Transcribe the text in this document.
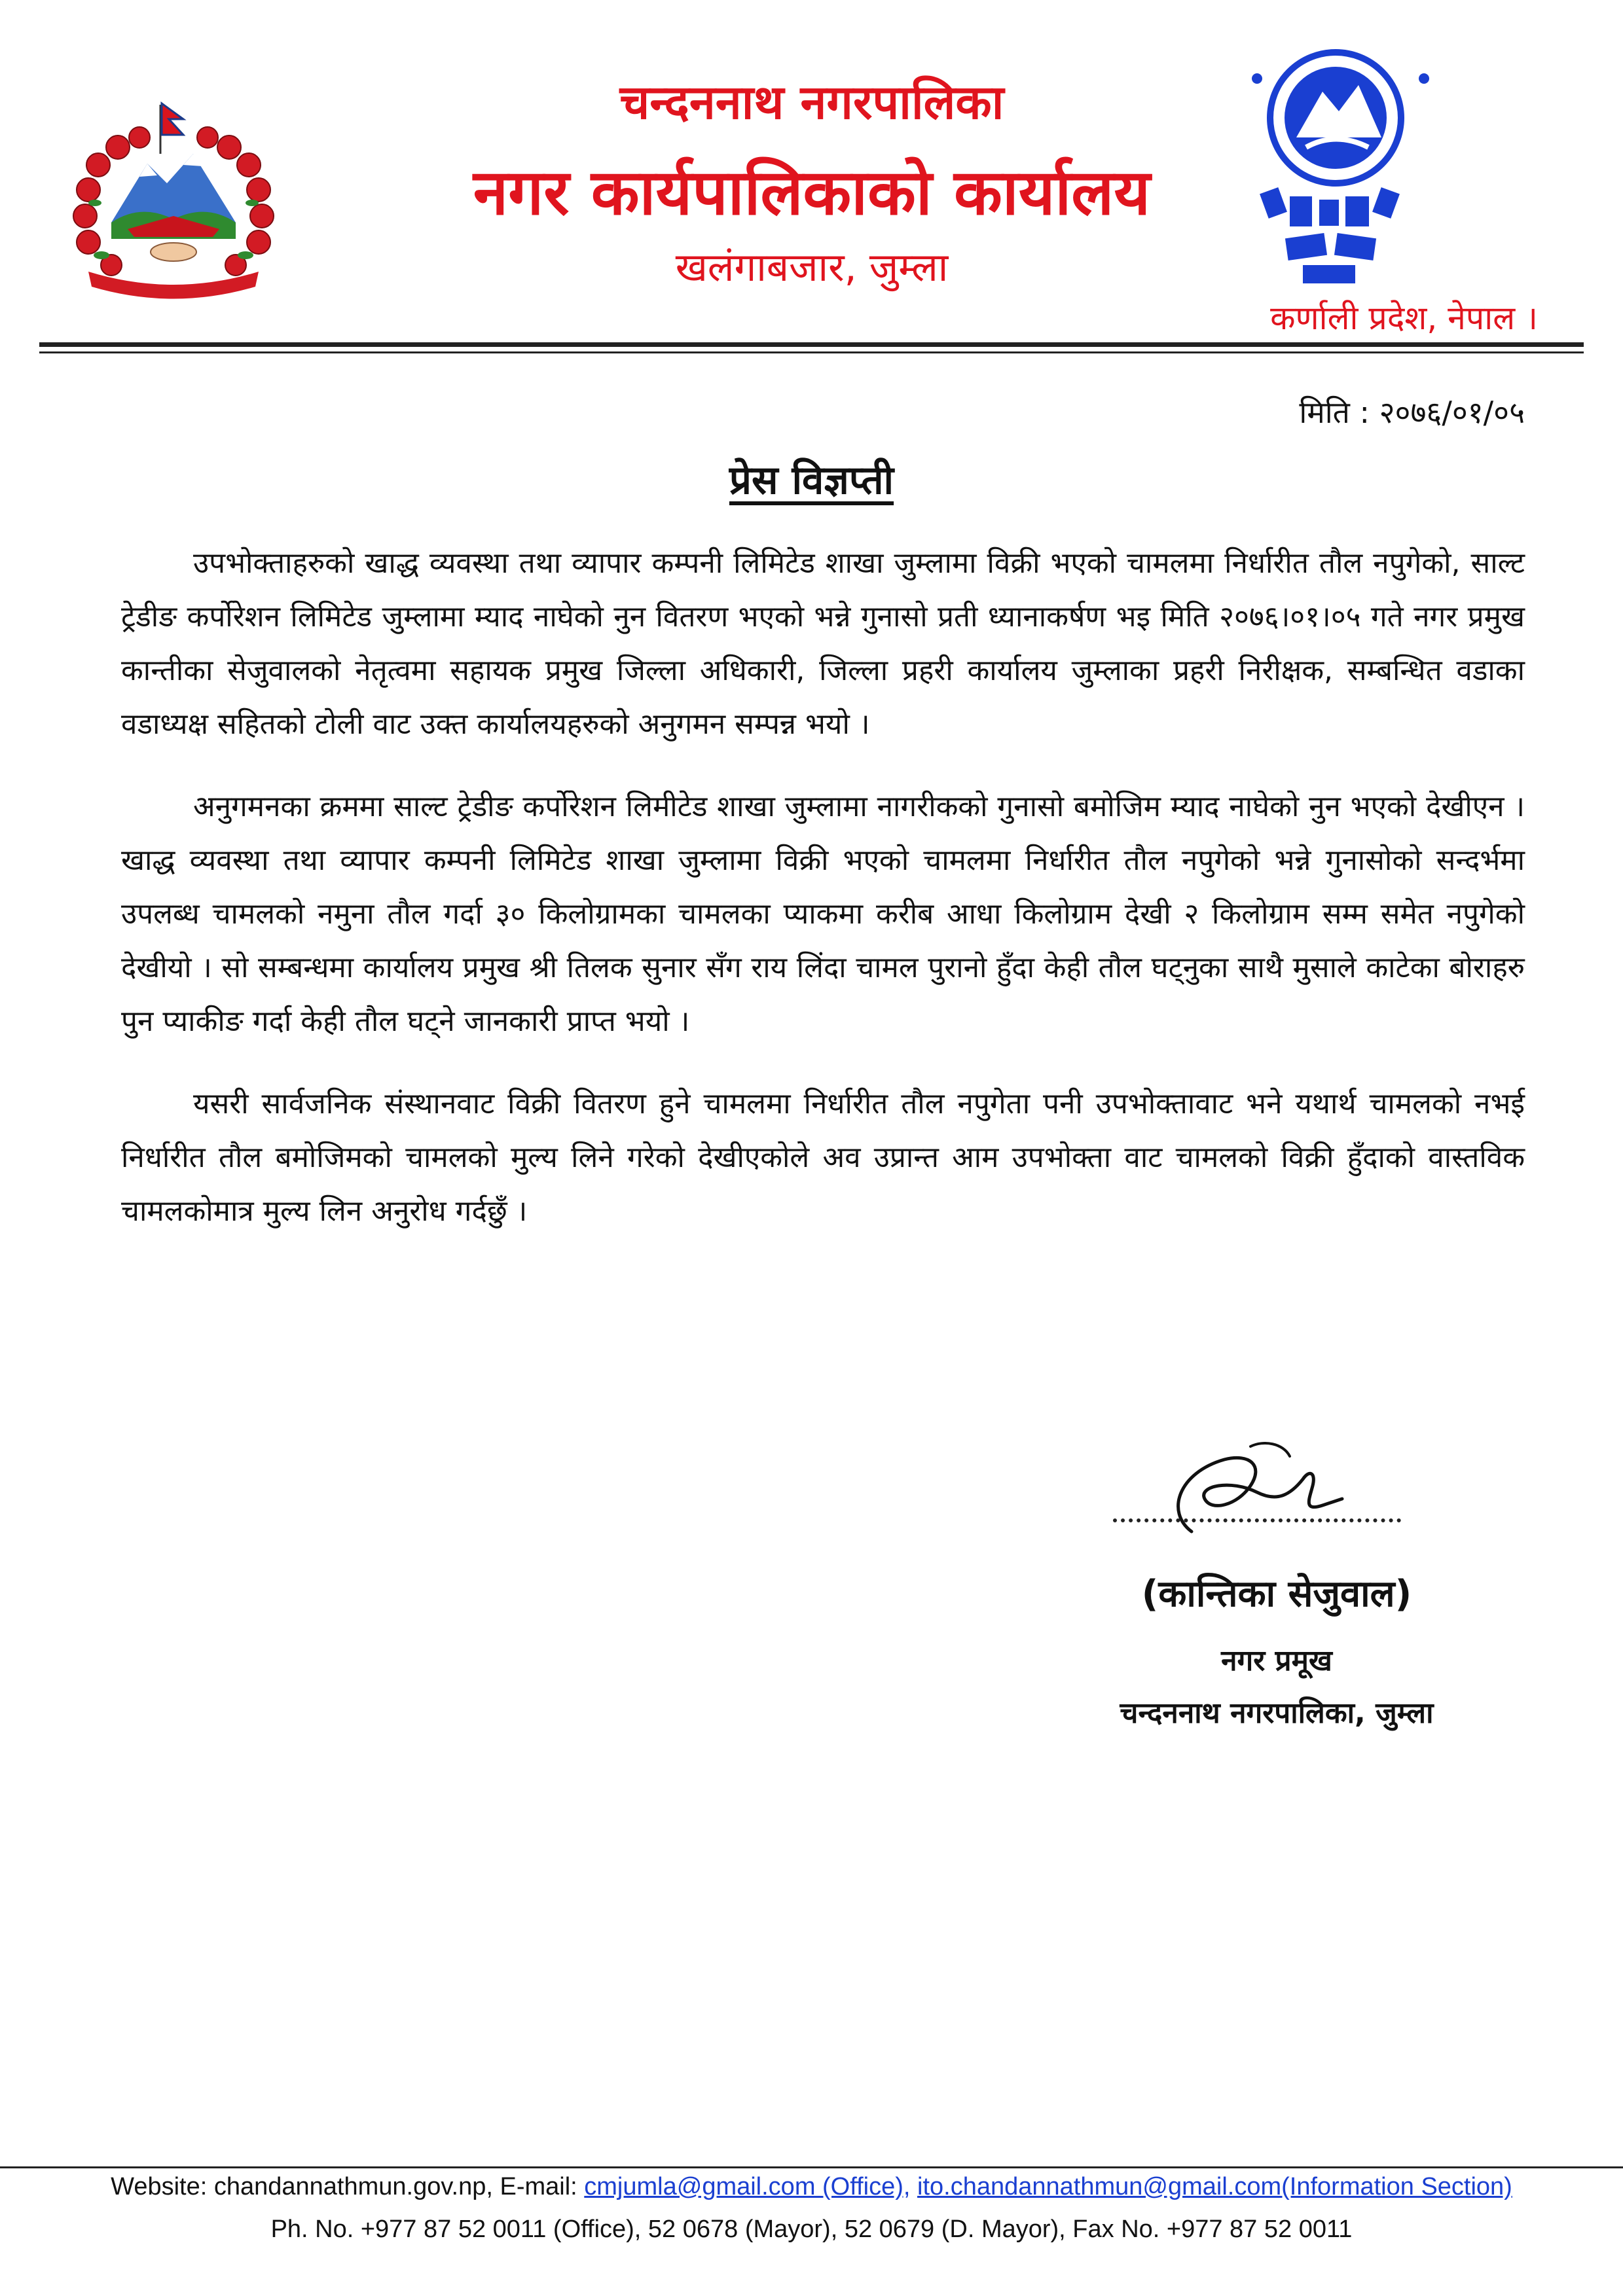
चन्दननाथ नगरपालिका
नगर कार्यपालिकाको कार्यालय
खलंगाबजार, जुम्ला
कर्णाली प्रदेश, नेपाल ।
मिति : २०७६/०१/०५
प्रेस विज्ञप्ती

उपभोक्ताहरुको खाद्ध व्यवस्था तथा व्यापार कम्पनी लिमिटेड शाखा जुम्लामा विक्री भएको चामलमा निर्धारीत तौल नपुगेको, साल्ट ट्रेडीङ कर्पोरेशन लिमिटेड जुम्लामा म्याद नाघेको नुन वितरण भएको भन्ने गुनासो प्रती ध्यानाकर्षण भइ मिति २०७६।०१।०५ गते नगर प्रमुख कान्तीका सेजुवालको नेतृत्वमा सहायक प्रमुख जिल्ला अधिकारी, जिल्ला प्रहरी कार्यालय जुम्लाका प्रहरी निरीक्षक, सम्बन्धित वडाका वडाध्यक्ष सहितको टोली वाट उक्त कार्यालयहरुको अनुगमन सम्पन्न भयो ।

अनुगमनका क्रममा साल्ट ट्रेडीङ कर्पोरेशन लिमीटेड शाखा जुम्लामा नागरीकको गुनासो बमोजिम म्याद नाघेको नुन भएको देखीएन । खाद्ध व्यवस्था तथा व्यापार कम्पनी लिमिटेड शाखा जुम्लामा विक्री भएको चामलमा निर्धारीत तौल नपुगेको भन्ने गुनासोको सन्दर्भमा उपलब्ध चामलको नमुना तौल गर्दा ३० किलोग्रामका चामलका प्याकमा करीब आधा किलोग्राम देखी २ किलोग्राम सम्म समेत नपुगेको देखीयो । सो सम्बन्धमा कार्यालय प्रमुख श्री तिलक सुनार सँग राय लिंदा चामल पुरानो हुँदा केही तौल घट्नुका साथै मुसाले काटेका बोराहरु पुन प्याकीङ गर्दा केही तौल घट्ने जानकारी प्राप्त भयो ।

यसरी सार्वजनिक संस्थानवाट विक्री वितरण हुने चामलमा निर्धारीत तौल नपुगेता पनी उपभोक्तावाट भने यथार्थ चामलको नभई निर्धारीत तौल बमोजिमको चामलको मुल्य लिने गरेको देखीएकोले अव उप्रान्त आम उपभोक्ता वाट चामलको विक्री हुँदाको वास्तविक चामलकोमात्र मुल्य लिन अनुरोध गर्दछुँ ।

(कान्तिका सेजुवाल)
नगर प्रमूख
चन्दननाथ नगरपालिका, जुम्ला
Website: chandannathmun.gov.np, E-mail: cmjumla@gmail.com (Office), ito.chandannathmun@gmail.com(Information Section)
Ph. No. +977 87 52 0011 (Office), 52 0678 (Mayor), 52 0679 (D. Mayor), Fax No. +977 87 52 0011
